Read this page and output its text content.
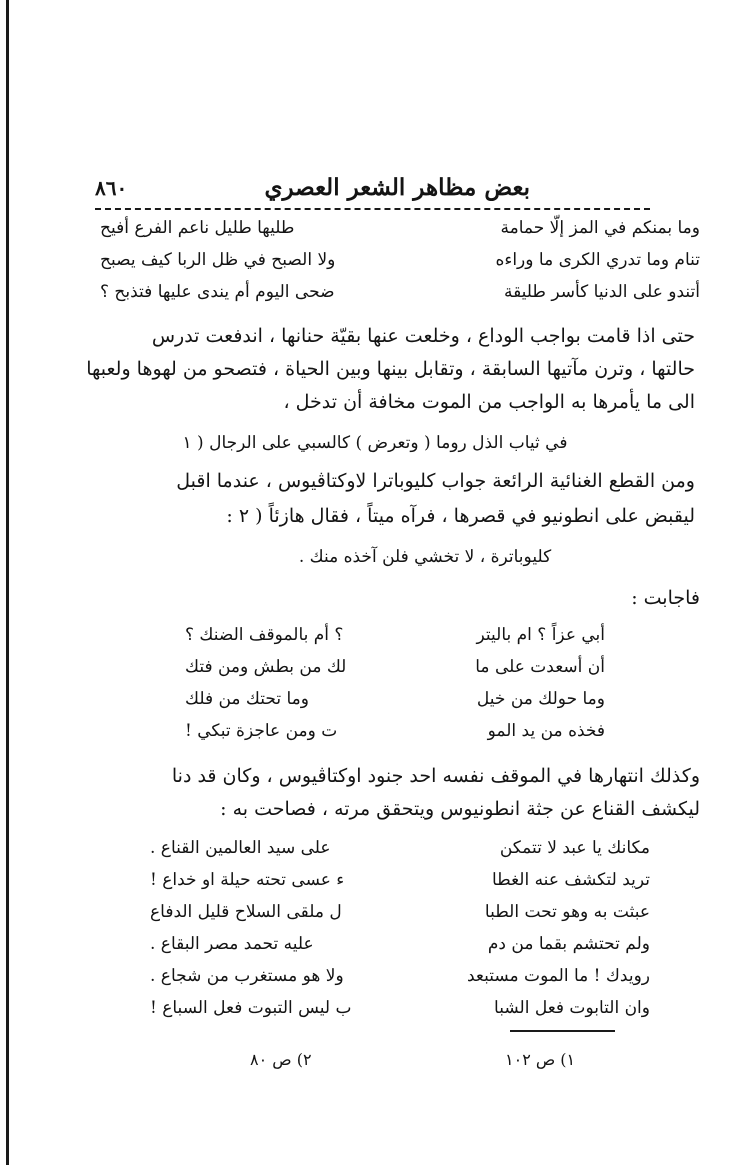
٨٦٠	بعض مظاهر الشعر العصري
وما بمنكم في المز إلّا حمامة
طليها طليل ناعم الفرع أفيح
تنام وما تدري الكرى ما وراءه
ولا الصبح في ظل الربا كيف يصبح
أتندو على الدنيا كأسر طليقة
ضحى اليوم أم يندى عليها فتذبح ؟
حتى اذا قامت بواجب الوداع ، وخلعت عنها بقيّة حنانها ، اندفعت تدرس
حالتها ، وترن مآتيها السابقة ، وتقابل بينها وبين الحياة ، فتصحو من لهوها ولعبها
الى ما يأمرها به الواجب من الموت مخافة أن تدخل ،
في ثياب الذل روما ( وتعرض ) كالسبي على الرجال ( ١
ومن القطع الغنائية الرائعة جواب كليوباترا لاوكتاڤيوس ، عندما اقبل
ليقبض على انطونيو في قصرها ، فرآه ميتاً ، فقال هازئاً ( ٢ :
كليوباترة ، لا تخشي فلن آخذه منك .
فاجابت :
أبي عزاً ؟ ام باليتر
؟ أم بالموقف الضنك ؟
أن أسعدت على ما
لك من بطش ومن فتك
وما حولك من خيل
وما تحتك من فلك
فخذه من يد المو
ت ومن عاجزة تبكي !
وكذلك انتهارها في الموقف نفسه احد جنود اوكتاڤيوس ، وكان قد دنا
ليكشف القناع عن جثة انطونيوس ويتحقق مرته ، فصاحت به :
مكانك يا عبد لا تتمكن
على سيد العالمين القناع .
تريد لتكشف عنه الغطا
ء عسى تحته حيلة او خداع !
عبثت به وهو تحت الطبا
ل ملقى السلاح قليل الدفاع
ولم تحتشم بقما من دم
عليه تحمد مصر البقاع .
رويدك ! ما الموت مستبعد
ولا هو مستغرب من شجاع .
وان التابوت فعل الشبا
ب ليس التبوت فعل السباع !
١) ص ١٠٢
٢) ص ٨٠
